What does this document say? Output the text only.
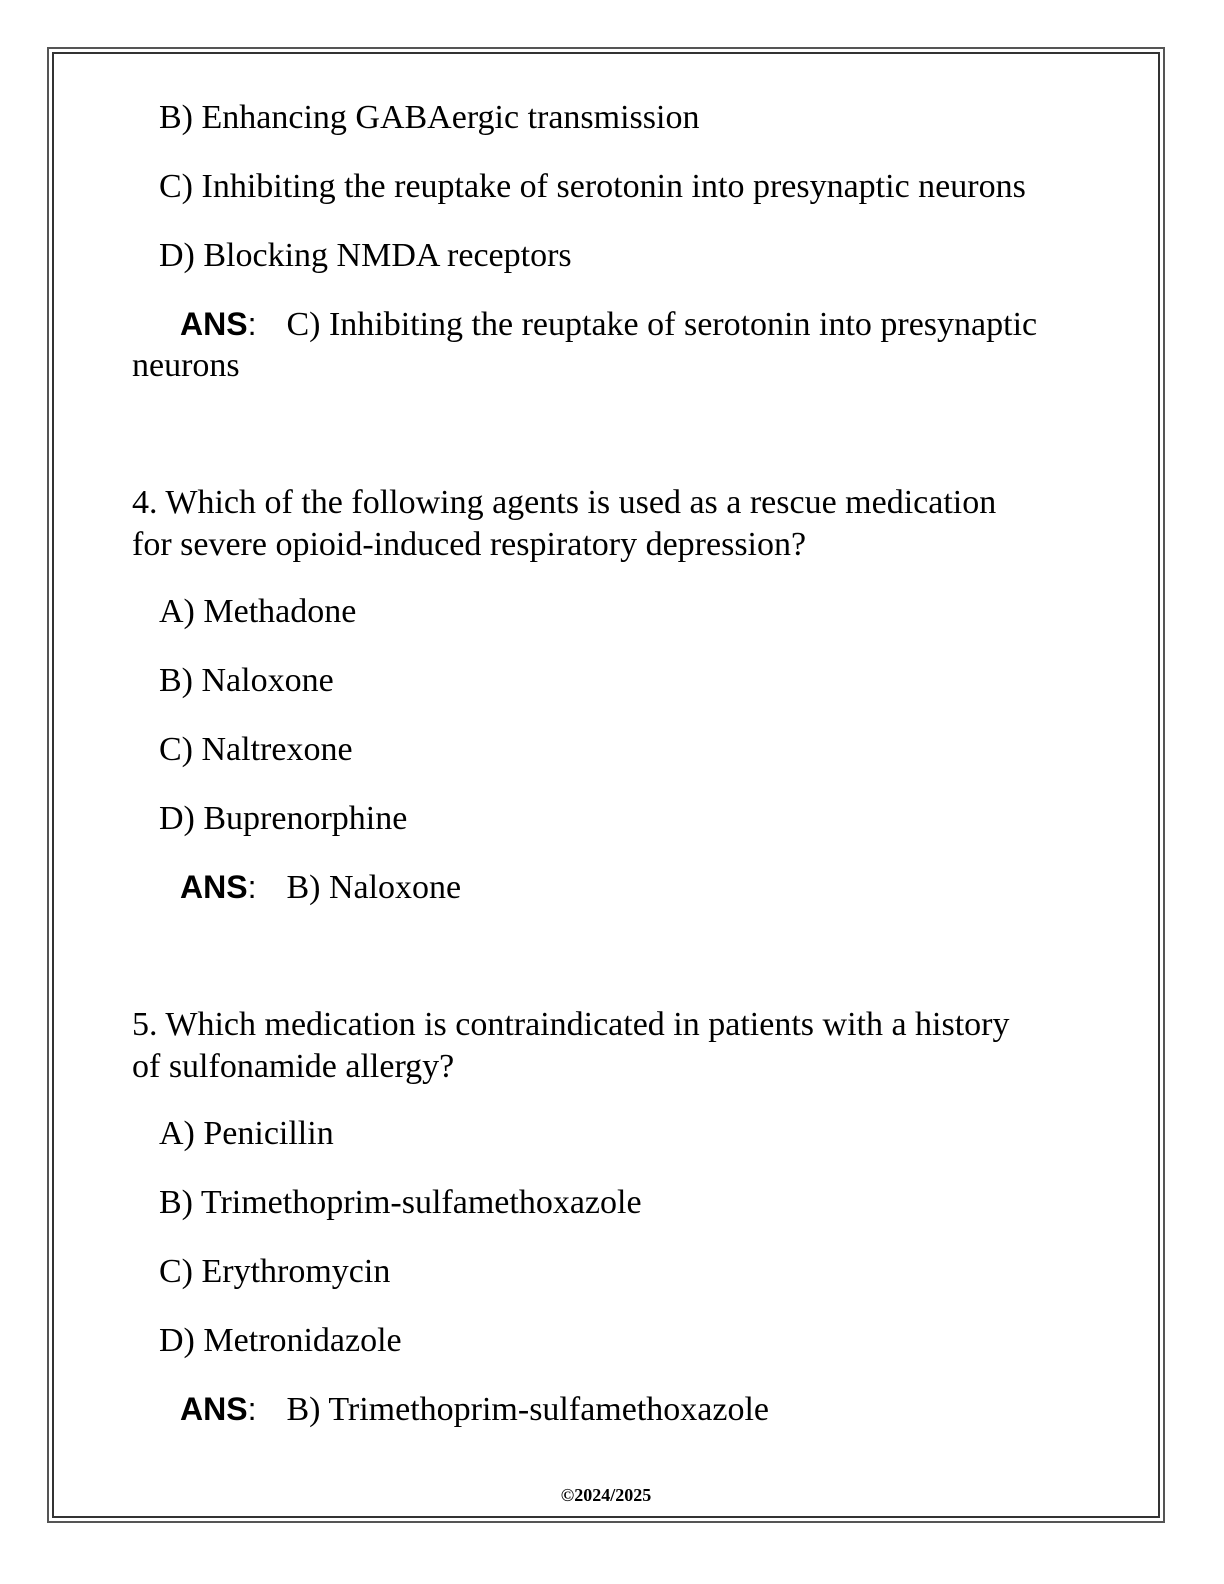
B) Enhancing GABAergic transmission
C) Inhibiting the reuptake of serotonin into presynaptic neurons
D) Blocking NMDA receptors
ANS: C) Inhibiting the reuptake of serotonin into presynaptic
neurons
4. Which of the following agents is used as a rescue medication
for severe opioid-induced respiratory depression?
A) Methadone
B) Naloxone
C) Naltrexone
D) Buprenorphine
ANS: B) Naloxone
5. Which medication is contraindicated in patients with a history
of sulfonamide allergy?
A) Penicillin
B) Trimethoprim-sulfamethoxazole
C) Erythromycin
D) Metronidazole
ANS: B) Trimethoprim-sulfamethoxazole
©2024/2025
